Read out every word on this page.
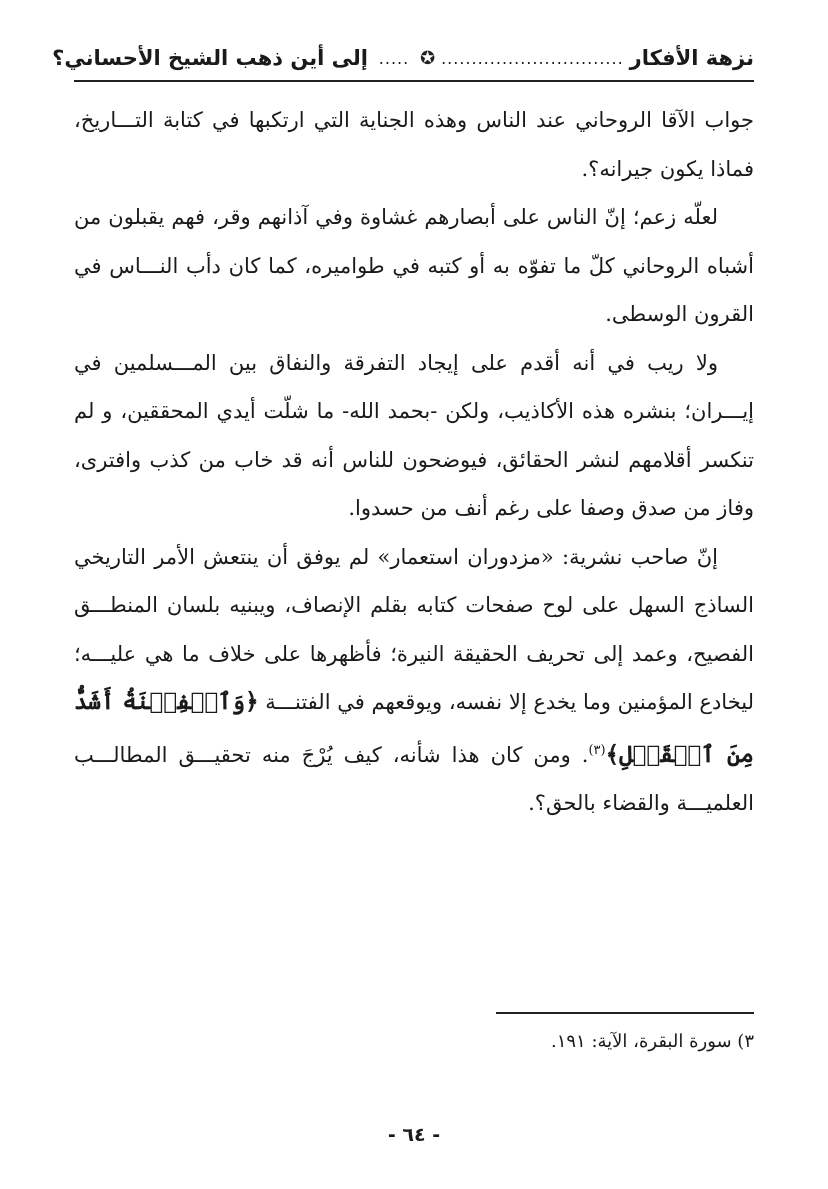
نزهة الأفكار
..............................
✪
.....
إلى أين ذهب الشيخ الأحساني؟

جواب الآقا الروحاني عند الناس وهذه الجناية التي ارتكبها في كتابة التـــاريخ، فماذا يكون جيرانه؟.

لعلّه زعم؛ إنّ الناس على أبصارهم غشاوة وفي آذانهم وقر، فهم يقبلون من أشباه الروحاني كلّ ما تفوّه به أو كتبه في طواميره، كما كان دأب النـــاس في القرون الوسطى.

ولا ريب في أنه أقدم على إيجاد التفرقة والنفاق بين المـــسلمين في إيـــران؛ بنشره هذه الأكاذيب، ولكن -بحمد الله- ما شلّت أيدي المحققين، و لم تنكسر أقلامهم لنشر الحقائق، فيوضحون للناس أنه قد خاب من كذب وافترى، وفاز من صدق وصفا على رغم أنف من حسدوا.

إنّ صاحب نشرية: «مزدوران استعمار» لم يوفق أن ينتعش الأمر التاريخي الساذج السهل على لوح صفحات كتابه بقلم الإنصاف، ويبنيه بلسان المنطـــق الفصيح، وعمد إلى تحريف الحقيقة النيرة؛ فأظهرها على خلاف ما هي عليـــه؛ ليخادع المؤمنين وما يخدع إلا نفسه، ويوقعهم في الفتنـــة ﴿وَٱلۡفِتۡنَةُ أَشَدُّ مِنَ ٱلۡقَتۡلِ﴾$^{(٣)}$. ومن كان هذا شأنه، كيف يُرْجَ منه تحقيـــق المطالـــب العلميـــة والقضاء بالحق؟.

٣) سورة البقرة، الآية: ١٩١.
- ٦٤ -
